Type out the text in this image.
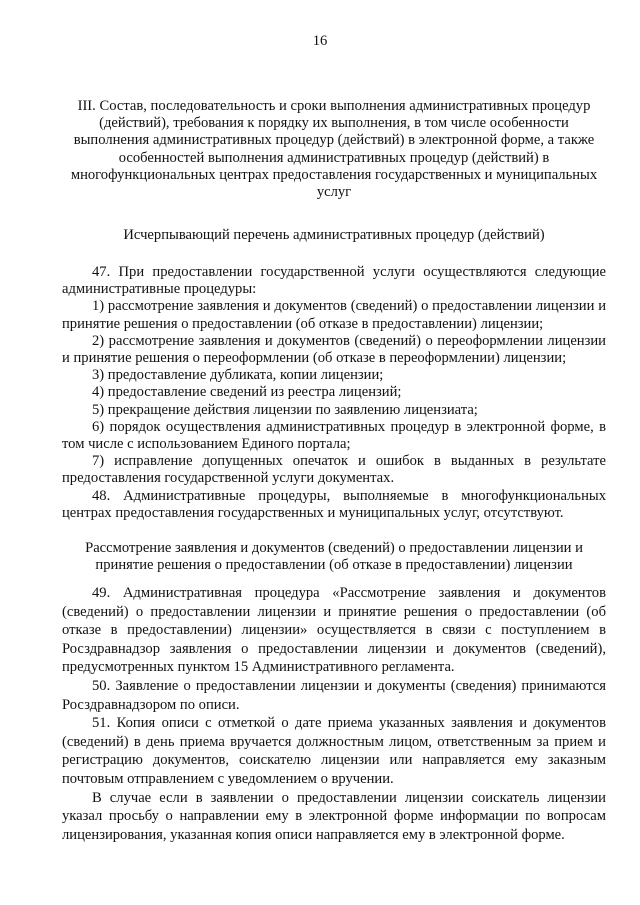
16
III. Состав, последовательность и сроки выполнения административных процедур (действий), требования к порядку их выполнения, в том числе особенности выполнения административных процедур (действий) в электронной форме, а также особенностей выполнения административных процедур (действий) в многофункциональных центрах предоставления государственных и муниципальных услуг
Исчерпывающий перечень административных процедур (действий)

47. При предоставлении государственной услуги осуществляются следующие административные процедуры:

1) рассмотрение заявления и документов (сведений) о предоставлении лицензии и принятие решения о предоставлении (об отказе в предоставлении) лицензии;

2) рассмотрение заявления и документов (сведений) о переоформлении лицензии и принятие решения о переоформлении (об отказе в переоформлении) лицензии;

3) предоставление дубликата, копии лицензии;

4) предоставление сведений из реестра лицензий;

5) прекращение действия лицензии по заявлению лицензиата;

6) порядок осуществления административных процедур в электронной форме, в том числе с использованием Единого портала;

7) исправление допущенных опечаток и ошибок в выданных в результате предоставления государственной услуги документах.

48. Административные процедуры, выполняемые в многофункциональных центрах предоставления государственных и муниципальных услуг, отсутствуют.

Рассмотрение заявления и документов (сведений) о предоставлении лицензии и принятие решения о предоставлении (об отказе в предоставлении) лицензии

49. Административная процедура «Рассмотрение заявления и документов (сведений) о предоставлении лицензии и принятие решения о предоставлении (об отказе в предоставлении) лицензии» осуществляется в связи с поступлением в Росздравнадзор заявления о предоставлении лицензии и документов (сведений), предусмотренных пунктом 15 Административного регламента.

50. Заявление о предоставлении лицензии и документы (сведения) принимаются Росздравнадзором по описи.

51. Копия описи с отметкой о дате приема указанных заявления и документов (сведений) в день приема вручается должностным лицом, ответственным за прием и регистрацию документов, соискателю лицензии или направляется ему заказным почтовым отправлением с уведомлением о вручении.

В случае если в заявлении о предоставлении лицензии соискатель лицензии указал просьбу о направлении ему в электронной форме информации по вопросам лицензирования, указанная копия описи направляется ему в электронной форме.
